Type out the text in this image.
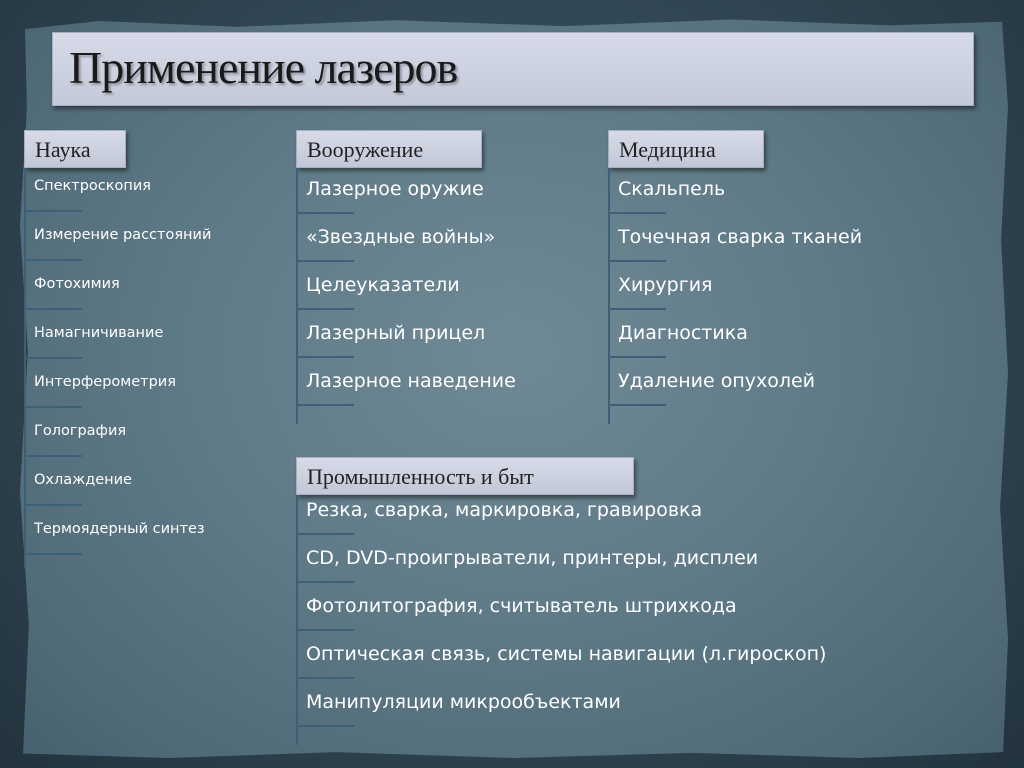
Применение лазеров
Наука
Спектроскопия
Измерение расстояний
Фотохимия
Намагничивание
Интерферометрия
Голография
Охлаждение
Термоядерный синтез
Вооружение
Лазерное оружие
«Звездные войны»
Целеуказатели
Лазерный прицел
Лазерное наведение
Медицина
Скальпель
Точечная сварка тканей
Хирургия
Диагностика
Удаление опухолей
Промышленность и быт
Резка, сварка, маркировка, гравировка
CD, DVD-проигрыватели, принтеры, дисплеи
Фотолитография, считыватель штрихкода
Оптическая связь, системы навигации (л.гироскоп)
Манипуляции микрообъектами
